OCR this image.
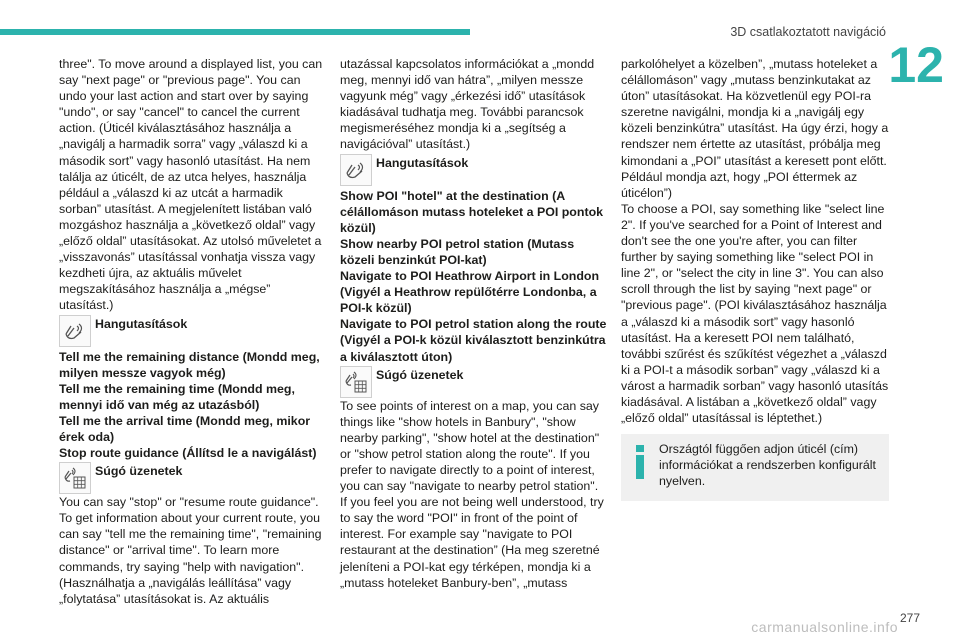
3D csatlakoztatott navigáció
12

three". To move around a displayed list, you can say "next page" or "previous page". You can undo your last action and start over by saying "undo", or say "cancel" to cancel the current action. (Úticél kiválasztásához használja a „navigálj a harmadik sorra” vagy „válaszd ki a második sort” vagy hasonló utasítást. Ha nem találja az úticélt, de az utca helyes, használja például a „válaszd ki az utcát a harmadik sorban” utasítást. A megjelenített listában való mozgáshoz használja a „következő oldal” vagy „előző oldal” utasításokat. Az utolsó műveletet a „visszavonás” utasítással vonhatja vissza vagy kezdheti újra, az aktuális művelet megszakításához használja a „mégse” utasítást.)

Hangutasítások

Tell me the remaining distance (Mondd meg, milyen messze vagyok még)

Tell me the remaining time (Mondd meg, mennyi idő van még az utazásból)

Tell me the arrival time (Mondd meg, mikor érek oda)

Stop route guidance (Állítsd le a navigálást)

Súgó üzenetek

You can say "stop" or "resume route guidance". To get information about your current route, you can say "tell me the remaining time", "remaining distance" or "arrival time". To learn more commands, try saying "help with navigation". (Használhatja a „navigálás leállítása” vagy „folytatása” utasításokat is. Az aktuális

utazással kapcsolatos információkat a „mondd meg, mennyi idő van hátra”, „milyen messze vagyunk még” vagy „érkezési idő” utasítások kiadásával tudhatja meg. További parancsok megismeréséhez mondja ki a „segítség a navigációval” utasítást.)

Hangutasítások

Show POI "hotel" at the destination (A célállomáson mutass hoteleket a POI pontok közül)

Show nearby POI petrol station (Mutass közeli benzinkút POI-kat)

Navigate to POI Heathrow Airport in London (Vigyél a Heathrow repülőtérre Londonba, a POI-k közül)

Navigate to POI petrol station along the route (Vigyél a POI-k közül kiválasztott benzinkútra a kiválasztott úton)

Súgó üzenetek

To see points of interest on a map, you can say things like "show hotels in Banbury", "show nearby parking", "show hotel at the destination" or "show petrol station along the route". If you prefer to navigate directly to a point of interest, you can say "navigate to nearby petrol station". If you feel you are not being well understood, try to say the word "POI" in front of the point of interest. For example say "navigate to POI restaurant at the destination” (Ha meg szeretné jeleníteni a POI-kat egy térképen, mondja ki a „mutass hoteleket Banbury-ben”, „mutass

parkolóhelyet a közelben”, „mutass hoteleket a célállomáson” vagy „mutass benzinkutakat az úton” utasításokat. Ha közvetlenül egy POI-ra szeretne navigálni, mondja ki a „navigálj egy közeli benzinkútra” utasítást. Ha úgy érzi, hogy a rendszer nem értette az utasítást, próbálja meg kimondani a „POI” utasítást a keresett pont előtt. Például mondja azt, hogy „POI éttermek az úticélon”)

To choose a POI, say something like "select line 2". If you've searched for a Point of Interest and don't see the one you're after, you can filter further by saying something like "select POI in line 2", or "select the city in line 3". You can also scroll through the list by saying "next page" or "previous page". (POI kiválasztásához használja a „válaszd ki a második sort” vagy hasonló utasítást. Ha a keresett POI nem található, további szűrést és szűkítést végezhet a „válaszd ki a POI-t a második sorban” vagy „válaszd ki a várost a harmadik sorban” vagy hasonló utasítás kiadásával. A listában a „következő oldal” vagy „előző oldal” utasítással is léptethet.)

Országtól függően adjon úticél (cím) információkat a rendszerben konfigurált nyelven.
carmanualsonline.info
277
